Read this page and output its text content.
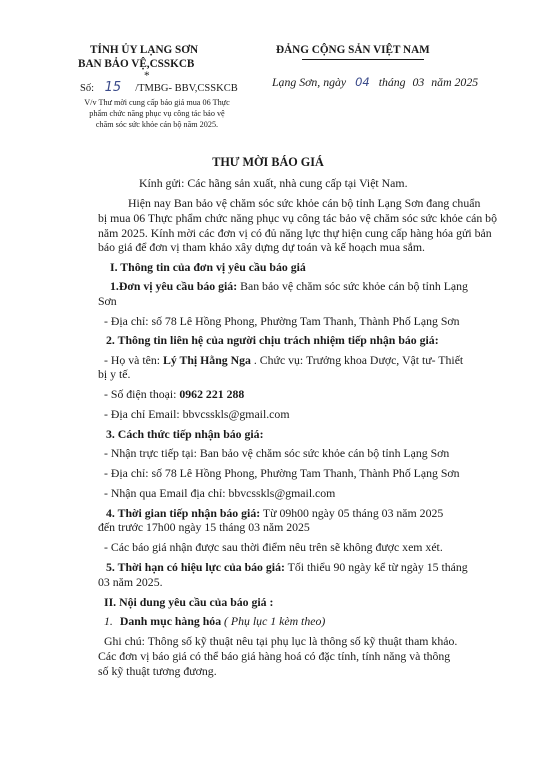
TỈNH ỦY LẠNG SƠN
BAN BẢO VỆ,CSSKCB
*
ĐẢNG CỘNG SẢN VIỆT NAM
Số: 15 /TMBG- BBV,CSSKCB
V/v Thư mời cung cấp báo giá mua 06 Thực
phẩm chức năng phục vụ công tác bảo vệ
chăm sóc sức khỏe cán bộ năm 2025.
Lạng Sơn, ngày 04 tháng 03 năm 2025
THƯ MỜI BÁO GIÁ
Kính gửi: Các hãng sản xuất, nhà cung cấp tại Việt Nam.
Hiện nay Ban bảo vệ chăm sóc sức khỏe cán bộ tỉnh Lạng Sơn đang chuẩn
bị mua 06 Thực phẩm chức năng phục vụ công tác bảo vệ chăm sóc sức khỏe cán bộ
năm 2025. Kính mời các đơn vị có đủ năng lực thự hiện cung cấp hàng hóa gửi bản
báo giá để đơn vị tham khảo xây dựng dự toán và kế hoạch mua sắm.
I. Thông tin của đơn vị yêu cầu báo giá
1.Đơn vị yêu cầu báo giá: Ban bảo vệ chăm sóc sức khỏe cán bộ tỉnh Lạng
Sơn
- Địa chỉ: số 78 Lê Hồng Phong, Phường Tam Thanh, Thành Phố Lạng Sơn
2. Thông tin liên hệ của người chịu trách nhiệm tiếp nhận báo giá:
- Họ và tên: Lý Thị Hằng Nga . Chức vụ: Trưởng khoa Dược, Vật tư- Thiết
bị y tế.
- Số điện thoại: 0962 221 288
- Địa chỉ Email: bbvcsskls@gmail.com
3. Cách thức tiếp nhận báo giá:
- Nhận trực tiếp tại: Ban bảo vệ chăm sóc sức khỏe cán bộ tỉnh Lạng Sơn
- Địa chỉ: số 78 Lê Hồng Phong, Phường Tam Thanh, Thành Phố Lạng Sơn
- Nhận qua Email địa chỉ: bbvcsskls@gmail.com
4. Thời gian tiếp nhận báo giá: Từ 09h00 ngày 05 tháng 03 năm 2025
đến trước 17h00 ngày 15 tháng 03 năm 2025
- Các báo giá nhận được sau thời điểm nêu trên sẽ không được xem xét.
5. Thời hạn có hiệu lực của báo giá: Tối thiểu 90 ngày kể từ ngày 15 tháng
03 năm 2025.
II. Nội dung yêu cầu của báo giá :
1. Danh mục hàng hóa ( Phụ lục 1 kèm theo)
Ghi chú: Thông số kỹ thuật nêu tại phụ lục là thông số kỹ thuật tham khảo.
Các đơn vị báo giá có thể báo giá hàng hoá có đặc tính, tính năng và thông
số kỹ thuật tương đương.
